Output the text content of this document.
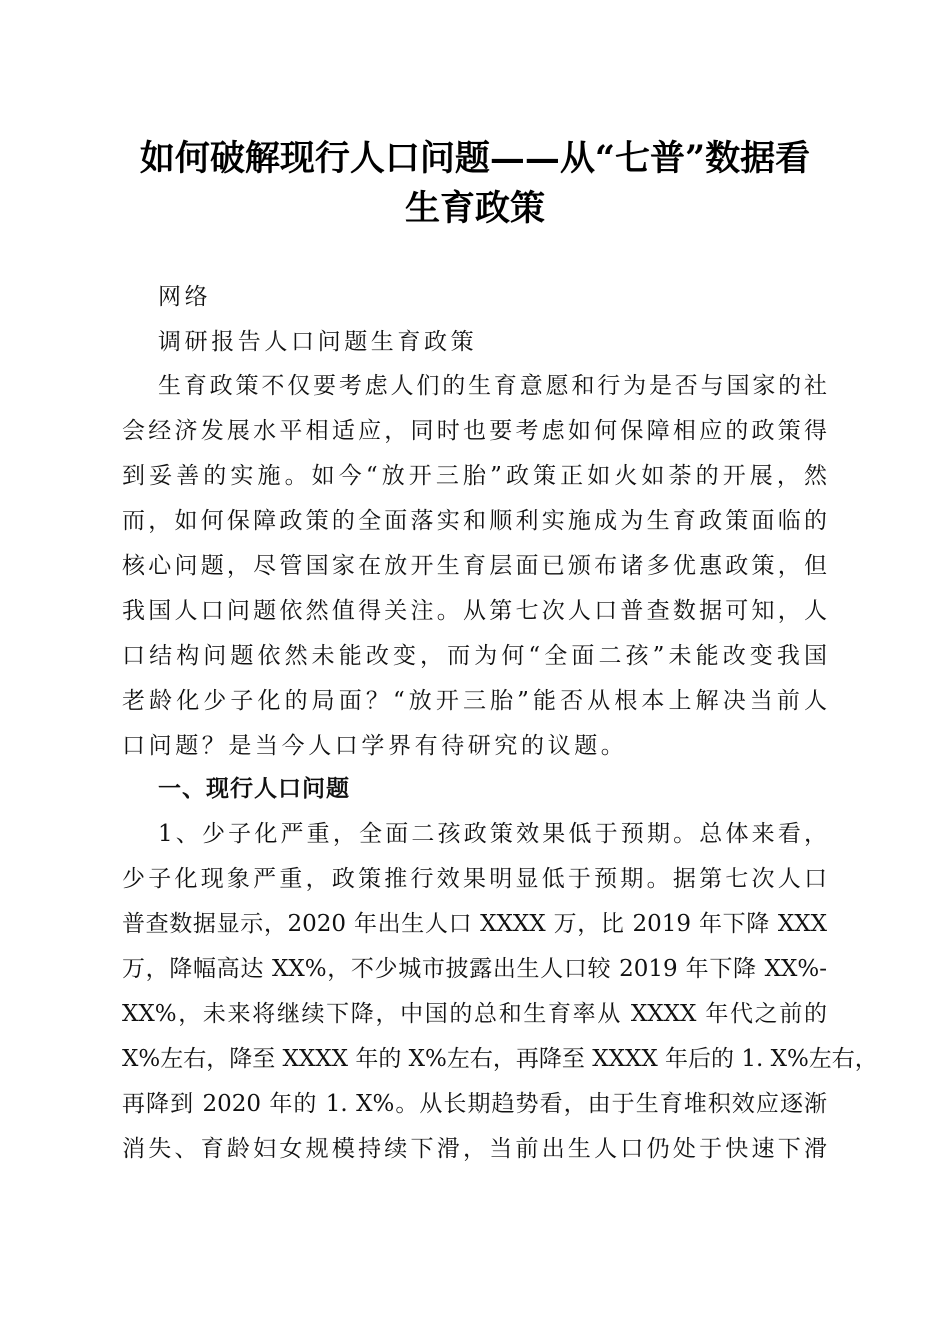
如何破解现行人口问题——从“七普”数据看
生育政策
网络
调研报告人口问题生育政策
生育政策不仅要考虑人们的生育意愿和行为是否与国家的社
会经济发展水平相适应，同时也要考虑如何保障相应的政策得
到妥善的实施。如今“放开三胎”政策正如火如荼的开展，然
而，如何保障政策的全面落实和顺利实施成为生育政策面临的
核心问题，尽管国家在放开生育层面已颁布诸多优惠政策，但
我国人口问题依然值得关注。从第七次人口普查数据可知，人
口结构问题依然未能改变，而为何“全面二孩”未能改变我国
老龄化少子化的局面？“放开三胎”能否从根本上解决当前人
口问题？是当今人口学界有待研究的议题。
一、现行人口问题
1、少子化严重，全面二孩政策效果低于预期。总体来看，
少子化现象严重，政策推行效果明显低于预期。据第七次人口
普查数据显示，2020 年出生人口 XXXX 万，比 2019 年下降 XXX
万，降幅高达 XX%，不少城市披露出生人口较 2019 年下降 XX%-
XX%，未来将继续下降，中国的总和生育率从 XXXX 年代之前的
X%左右，降至 XXXX 年的 X%左右，再降至 XXXX 年后的 1. X%左右，
再降到 2020 年的 1. X%。从长期趋势看，由于生育堆积效应逐渐
消失、育龄妇女规模持续下滑，当前出生人口仍处于快速下滑
